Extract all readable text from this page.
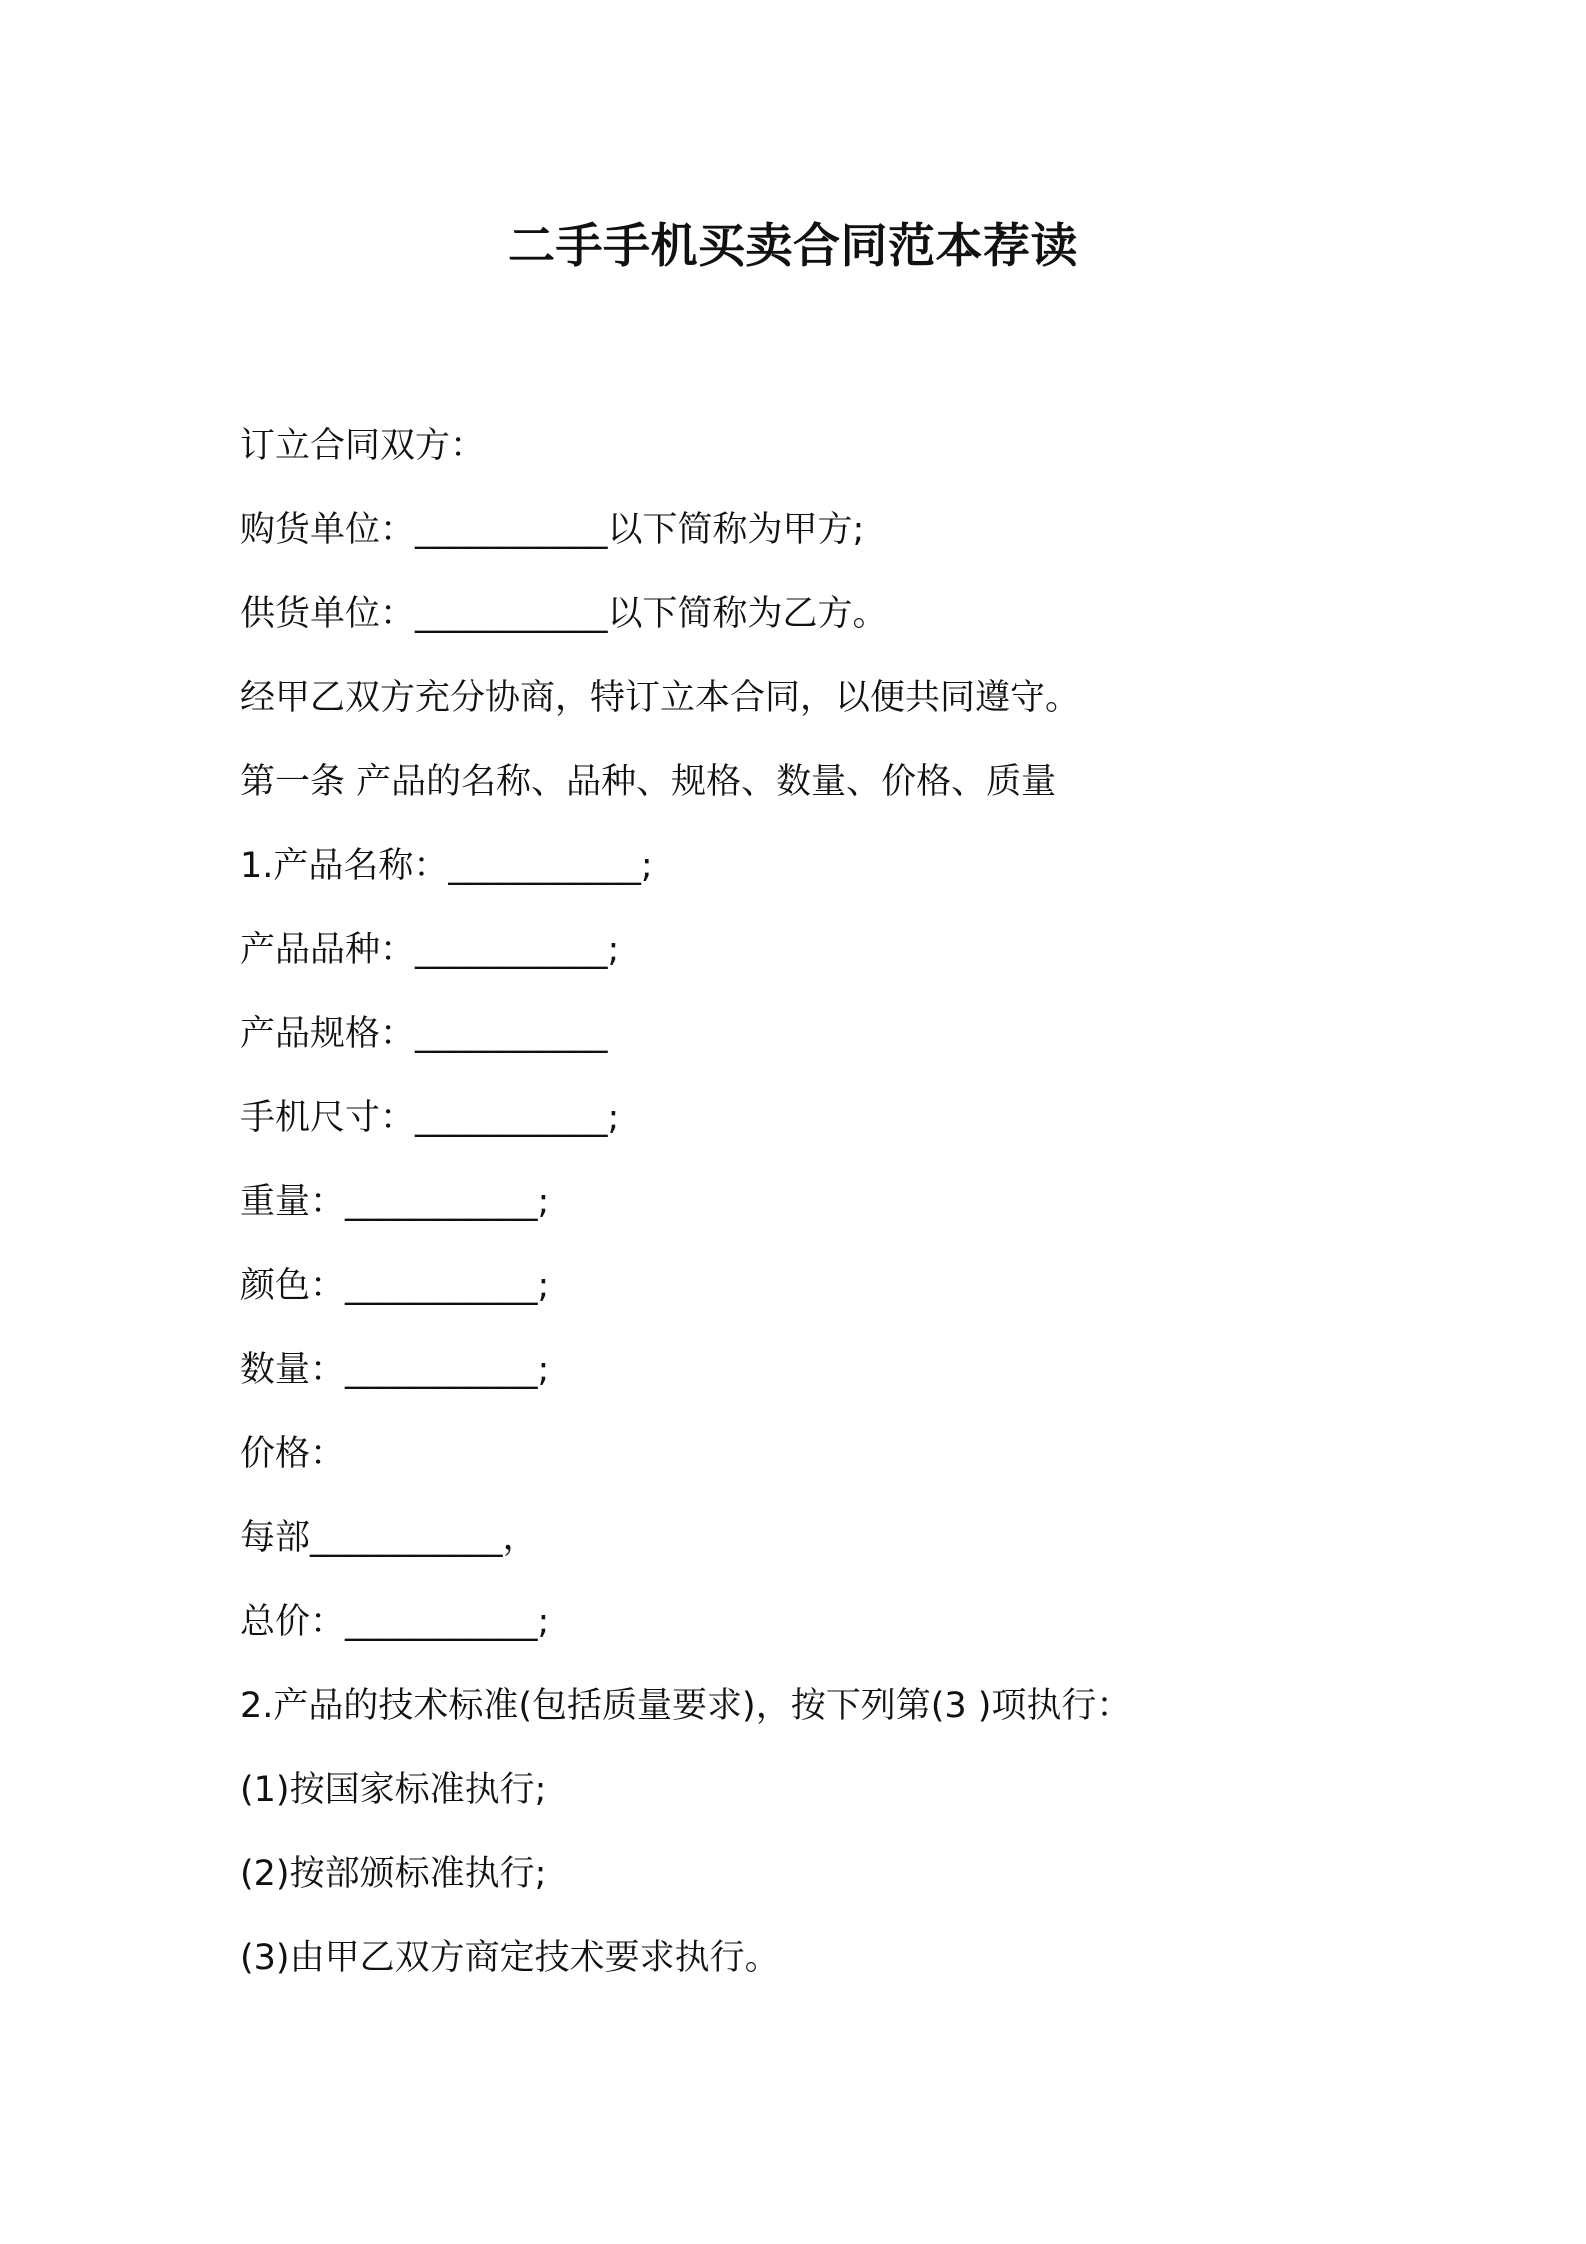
二手手机买卖合同范本荐读
订立合同双方：
购货单位：___________以下简称为甲方;
供货单位：___________以下简称为乙方。
经甲乙双方充分协商，特订立本合同，以便共同遵守。
第一条 产品的名称、品种、规格、数量、价格、质量
1.产品名称：___________;
产品品种：___________;
产品规格：___________
手机尺寸：___________;
重量：___________;
颜色：___________;
数量：___________;
价格：
每部___________，
总价：___________;
2.产品的技术标准(包括质量要求)，按下列第(3 )项执行：
(1)按国家标准执行;
(2)按部颁标准执行;
(3)由甲乙双方商定技术要求执行。
